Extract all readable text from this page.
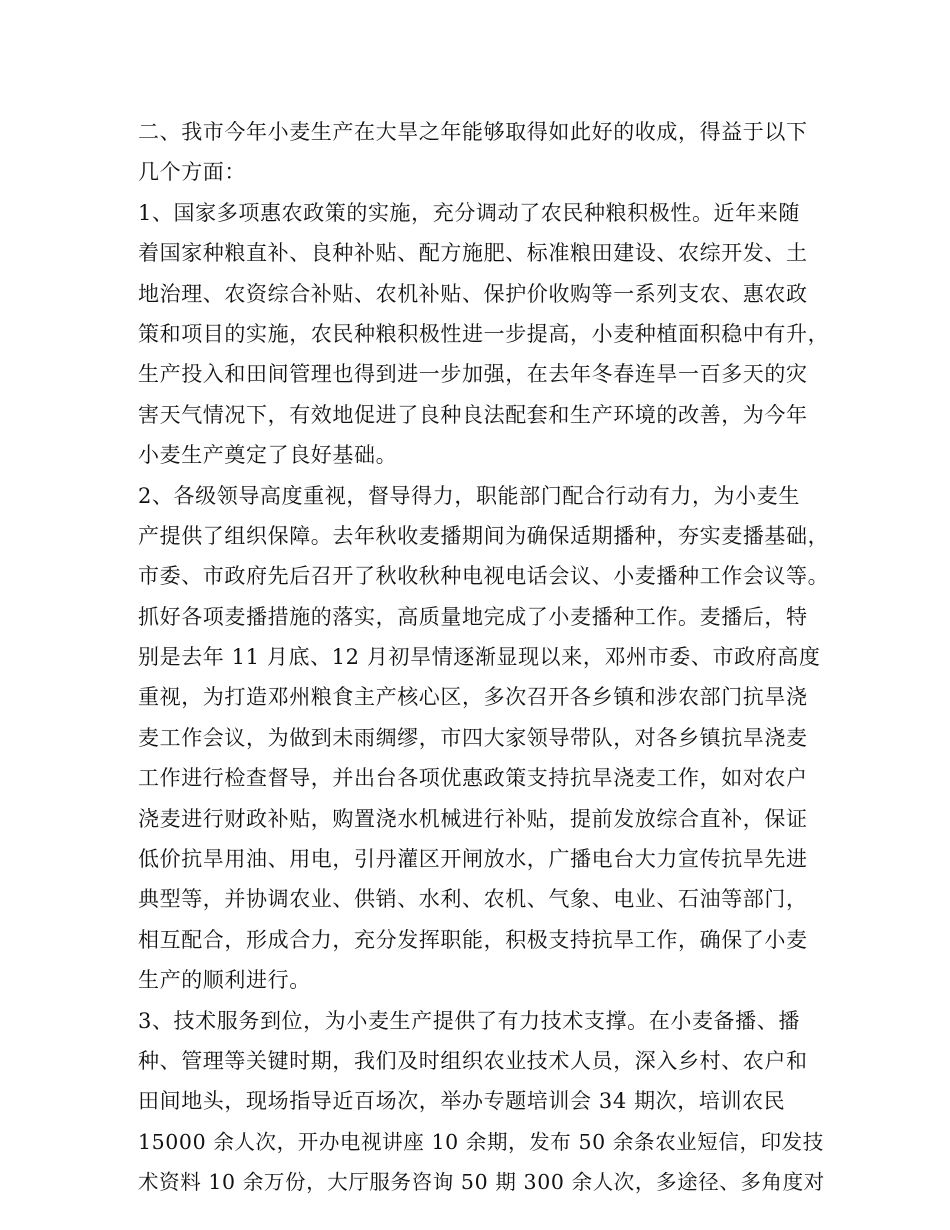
二、我市今年小麦生产在大旱之年能够取得如此好的收成，得益于以下
几个方面：
1、国家多项惠农政策的实施，充分调动了农民种粮积极性。近年来随
着国家种粮直补、良种补贴、配方施肥、标准粮田建设、农综开发、土
地治理、农资综合补贴、农机补贴、保护价收购等一系列支农、惠农政
策和项目的实施，农民种粮积极性进一步提高，小麦种植面积稳中有升，
生产投入和田间管理也得到进一步加强，在去年冬春连旱一百多天的灾
害天气情况下，有效地促进了良种良法配套和生产环境的改善，为今年
小麦生产奠定了良好基础。
2、各级领导高度重视，督导得力，职能部门配合行动有力，为小麦生
产提供了组织保障。去年秋收麦播期间为确保适期播种，夯实麦播基础，
市委、市政府先后召开了秋收秋种电视电话会议、小麦播种工作会议等。
抓好各项麦播措施的落实，高质量地完成了小麦播种工作。麦播后，特
别是去年 11 月底、12 月初旱情逐渐显现以来，邓州市委、市政府高度
重视，为打造邓州粮食主产核心区，多次召开各乡镇和涉农部门抗旱浇
麦工作会议，为做到未雨绸缪，市四大家领导带队，对各乡镇抗旱浇麦
工作进行检查督导，并出台各项优惠政策支持抗旱浇麦工作，如对农户
浇麦进行财政补贴，购置浇水机械进行补贴，提前发放综合直补，保证
低价抗旱用油、用电，引丹灌区开闸放水，广播电台大力宣传抗旱先进
典型等，并协调农业、供销、水利、农机、气象、电业、石油等部门，
相互配合，形成合力，充分发挥职能，积极支持抗旱工作，确保了小麦
生产的顺利进行。
3、技术服务到位，为小麦生产提供了有力技术支撑。在小麦备播、播
种、管理等关键时期，我们及时组织农业技术人员，深入乡村、农户和
田间地头，现场指导近百场次，举办专题培训会 34 期次，培训农民
15000 余人次，开办电视讲座 10 余期，发布 50 余条农业短信，印发技
术资料 10 余万份，大厅服务咨询 50 期 300 余人次，多途径、多角度对
